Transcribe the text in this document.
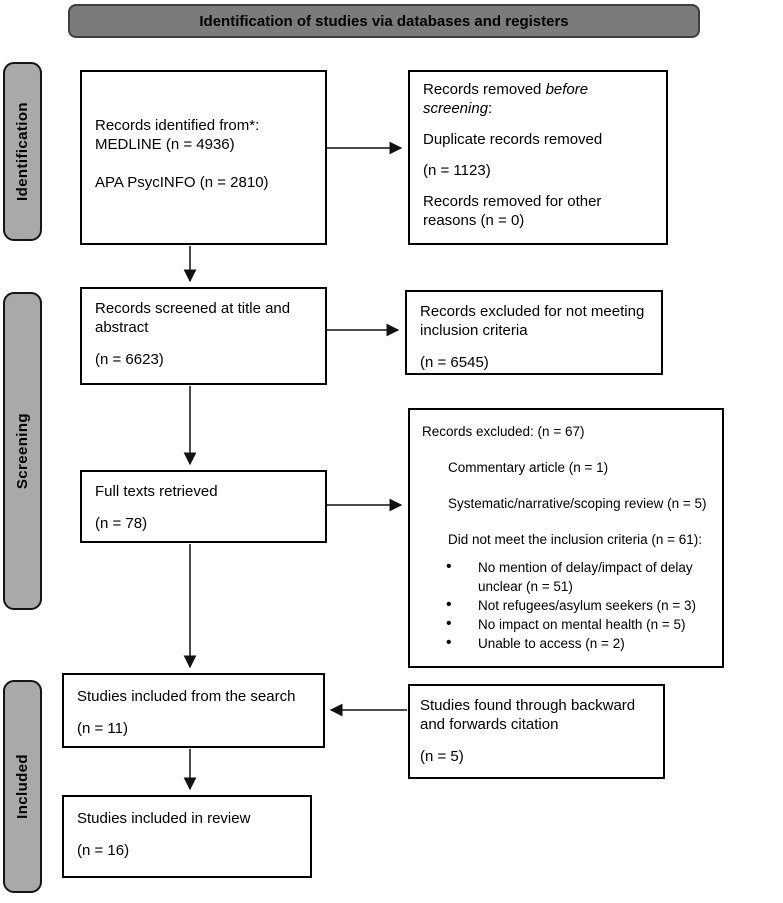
Identification of studies via databases and registers
Identification
Screening
Included

Records identified from*:

MEDLINE (n = 4936)

APA PsycINFO (n = 2810)

Records removed before
screening:

Duplicate records removed

(n = 1123)

Records removed for other reasons (n = 0)

Records screened at title and abstract

(n = 6623)

Records excluded for not meeting inclusion criteria

(n = 6545)

Full texts retrieved

(n = 78)

Records excluded: (n = 67)

Commentary article (n = 1)

Systematic/narrative/scoping review (n = 5)

Did not meet the inclusion criteria (n = 61):

• No mention of delay/impact of delay unclear (n = 51)
• Not refugees/asylum seekers (n = 3)
• No impact on mental health (n = 5)
• Unable to access (n = 2)

Studies included from the search

(n = 11)

Studies found through backward and forwards citation

(n = 5)

Studies included in review

(n = 16)
